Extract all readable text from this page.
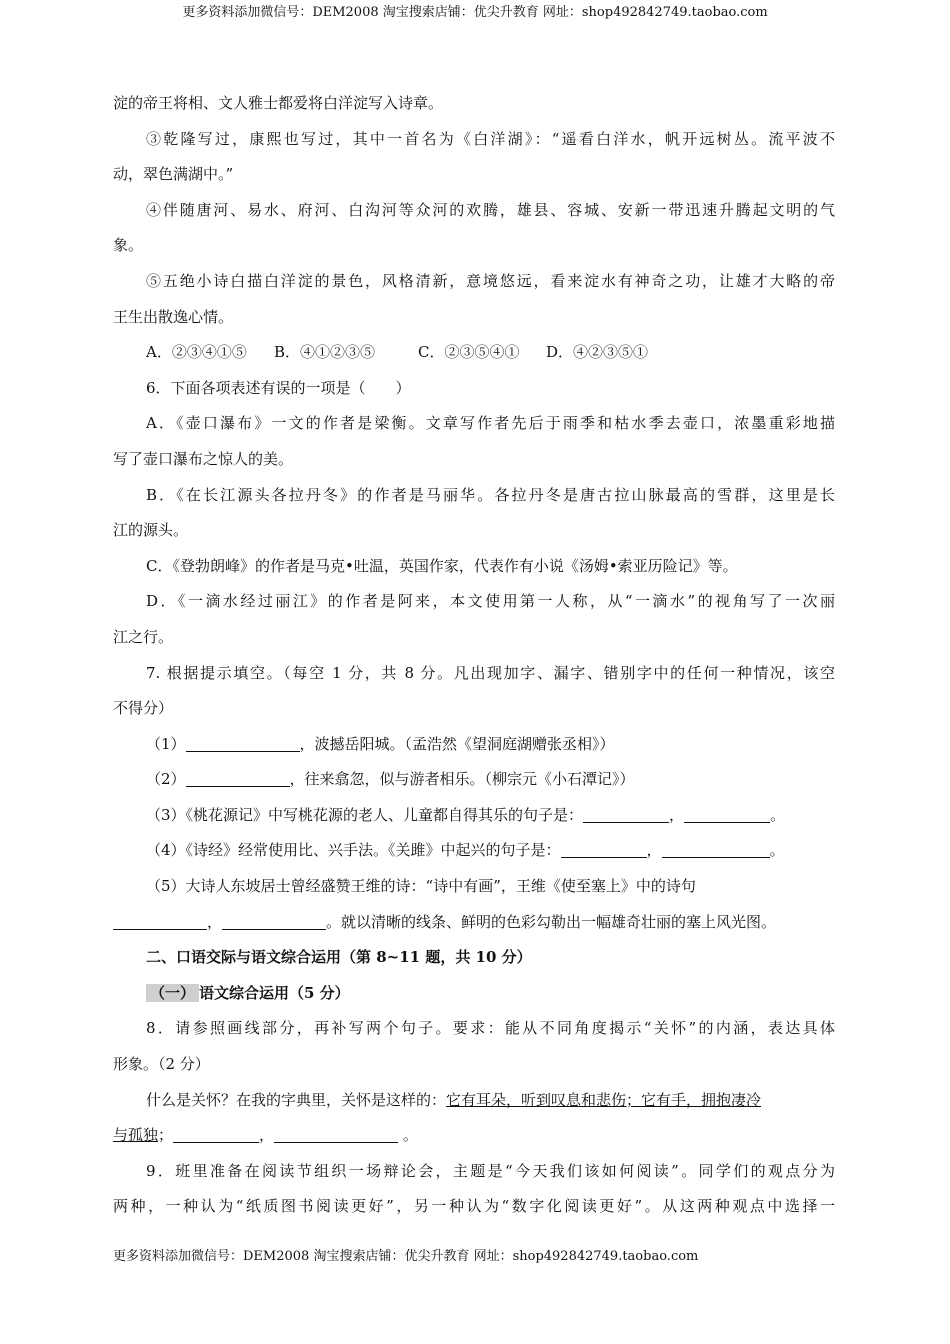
更多资料添加微信号：DEM2008 淘宝搜索店铺：优尖升教育 网址：shop492842749.taobao.com

淀的帝王将相、文人雅士都爱将白洋淀写入诗章。

③乾隆写过，康熙也写过，其中一首名为《白洋湖》：“遥看白洋水，帆开远树丛。流平波不

动，翠色满湖中。”

④伴随唐河、易水、府河、白沟河等众河的欢腾，雄县、容城、安新一带迅速升腾起文明的气

象。

⑤五绝小诗白描白洋淀的景色，风格清新，意境悠远，看来淀水有神奇之功，让雄才大略的帝

王生出散逸心情。

A．②③④①⑤ B．④①②③⑤	C．②③⑤④① D．④②③⑤①

6．下面各项表述有误的一项是（　　）

A．《壶口瀑布》一文的作者是梁衡。文章写作者先后于雨季和枯水季去壶口，浓墨重彩地描

写了壶口瀑布之惊人的美。

B．《在长江源头各拉丹冬》的作者是马丽华。各拉丹冬是唐古拉山脉最高的雪群，这里是长

江的源头。

C．《登勃朗峰》的作者是马克•吐温，英国作家，代表作有小说《汤姆•索亚历险记》等。

D．《一滴水经过丽江》的作者是阿来，本文使用第一人称，从“一滴水”的视角写了一次丽

江之行。

7. 根据提示填空。（每空 1 分，共 8 分。凡出现加字、漏字、错别字中的任何一种情况，该空

不得分）

（1）	，波撼岳阳城。（孟浩然《望洞庭湖赠张丞相》）

（2）	，往来翕忽，似与游者相乐。（柳宗元《小石潭记》）

（3）《桃花源记》中写桃花源的老人、儿童都自得其乐的句子是：	，	。

（4）《诗经》经常使用比、兴手法。《关雎》中起兴的句子是：	，	。

（5）大诗人东坡居士曾经盛赞王维的诗：“诗中有画”，王维《使至塞上》中的诗句

，	。就以清晰的线条、鲜明的色彩勾勒出一幅雄奇壮丽的塞上风光图。

二、口语交际与语文综合运用（第 8~11 题，共 10 分）

（一） 语文综合运用（5 分）

8．请参照画线部分，再补写两个句子。要求：能从不同角度揭示“关怀”的内涵，表达具体

形象。（2 分）

什么是关怀？在我的字典里，关怀是这样的：它有耳朵，听到叹息和悲伤；它有手，拥抱凄冷

与孤独；	，	。

9．班里准备在阅读节组织一场辩论会，主题是“今天我们该如何阅读”。同学们的观点分为

两种，一种认为“纸质图书阅读更好”，另一种认为“数字化阅读更好”。从这两种观点中选择一

更多资料添加微信号：DEM2008 淘宝搜索店铺：优尖升教育 网址：shop492842749.taobao.com
